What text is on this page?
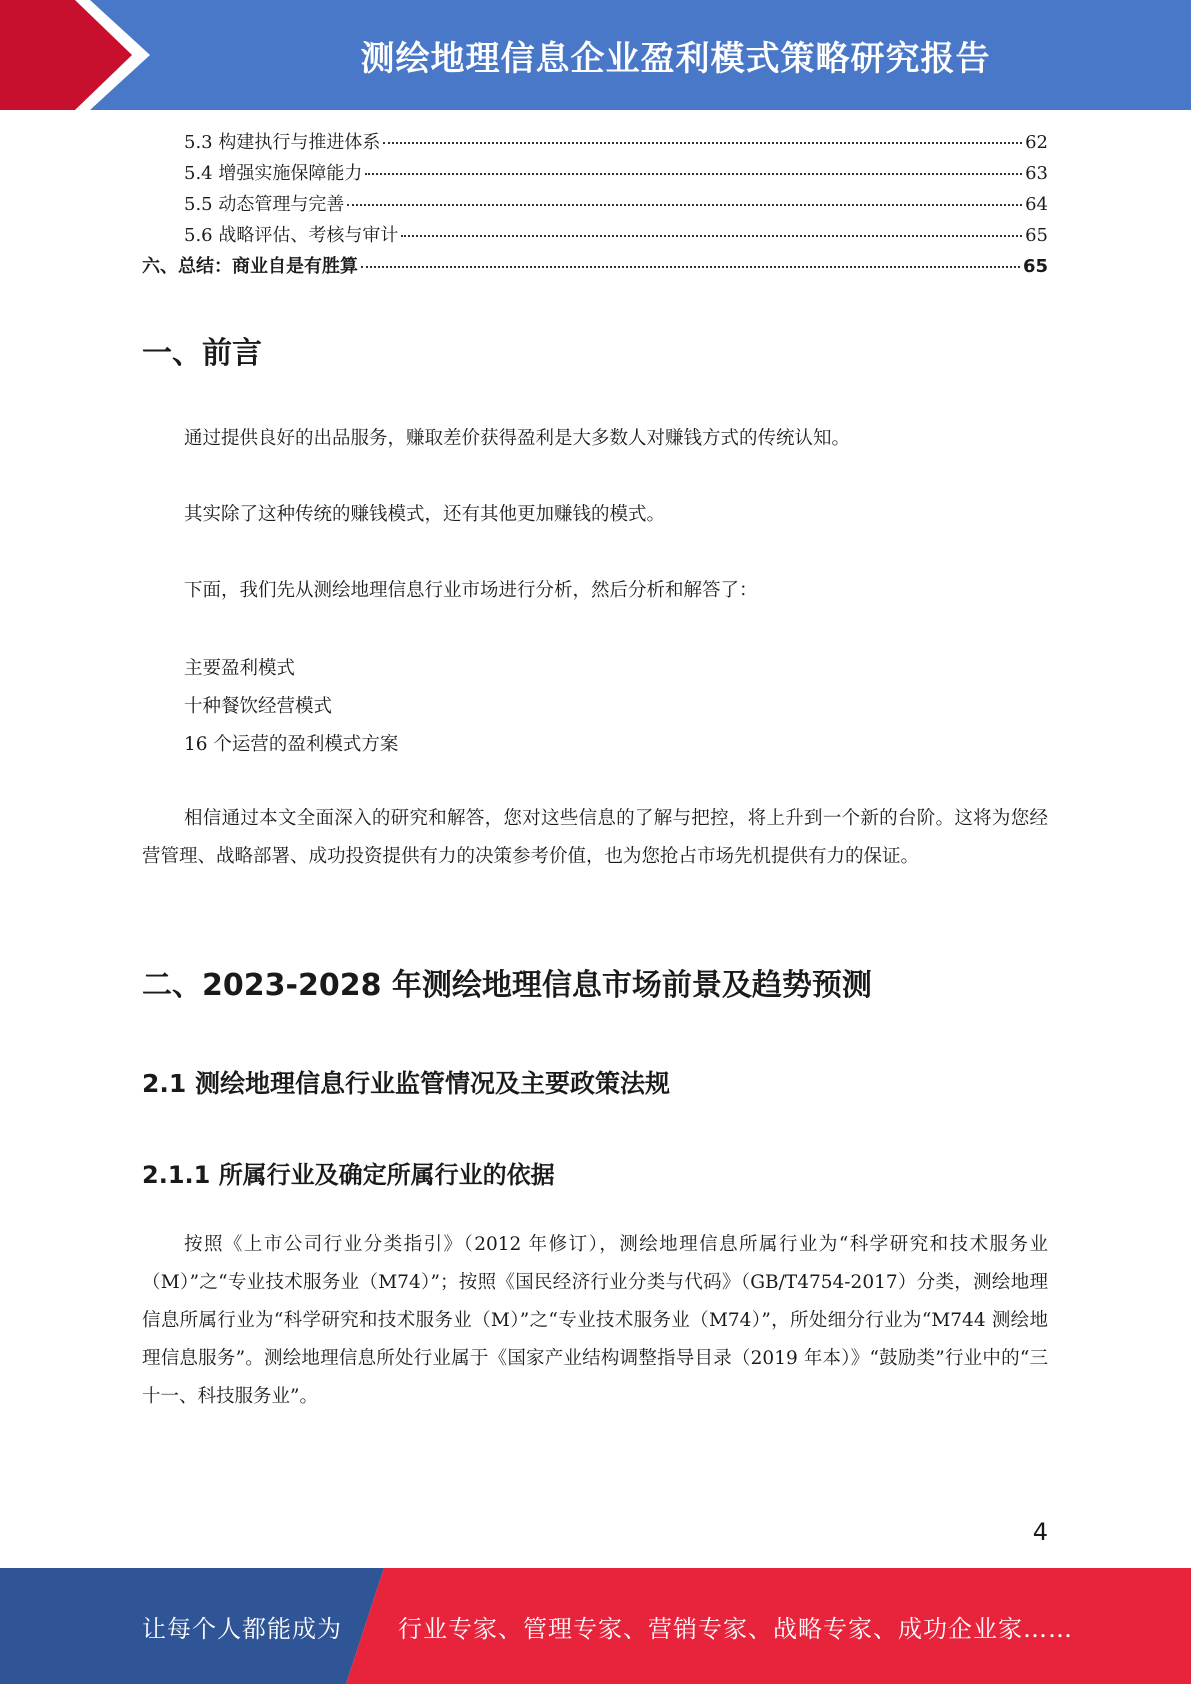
测绘地理信息企业盈利模式策略研究报告
5.3 构建执行与推进体系	62
5.4 增强实施保障能力	63
5.5 动态管理与完善	64
5.6 战略评估、考核与审计	65
六、总结：商业自是有胜算	65
一、前言
通过提供良好的出品服务，赚取差价获得盈利是大多数人对赚钱方式的传统认知。
其实除了这种传统的赚钱模式，还有其他更加赚钱的模式。
下面，我们先从测绘地理信息行业市场进行分析，然后分析和解答了：
主要盈利模式
十种餐饮经营模式
16 个运营的盈利模式方案
相信通过本文全面深入的研究和解答，您对这些信息的了解与把控，将上升到一个新的台阶。这将为您经营管理、战略部署、成功投资提供有力的决策参考价值，也为您抢占市场先机提供有力的保证。
二、2023-2028 年测绘地理信息市场前景及趋势预测
2.1 测绘地理信息行业监管情况及主要政策法规
2.1.1 所属行业及确定所属行业的依据
按照《上市公司行业分类指引》（2012 年修订），测绘地理信息所属行业为“科学研究和技术服务业（M）”之“专业技术服务业（M74）”；按照《国民经济行业分类与代码》（GB/T4754-2017）分类，测绘地理信息所属行业为“科学研究和技术服务业（M）”之“专业技术服务业（M74）”，所处细分行业为“M744 测绘地理信息服务”。测绘地理信息所处行业属于《国家产业结构调整指导目录（2019 年本）》“鼓励类”行业中的“三十一、科技服务业”。
4
让每个人都能成为 行业专家、管理专家、营销专家、战略专家、成功企业家……
